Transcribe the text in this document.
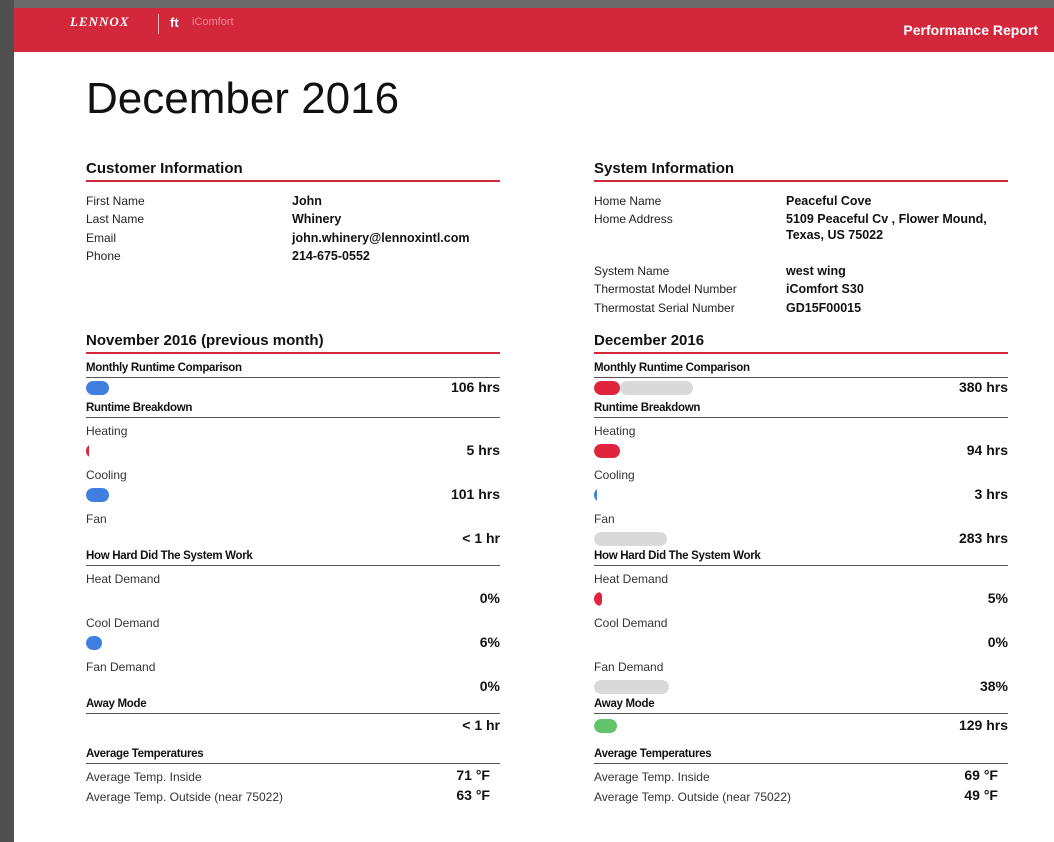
LENNOX	ft iComfort	Performance Report
December 2016
Customer Information
First Name	John
Last Name	Whinery
Email	john.whinery@lennoxintl.com
Phone	214-675-0552
System Information
Home Name	Peaceful Cove
Home Address	5109 Peaceful Cv , Flower Mound, Texas, US 75022
System Name	west wing
Thermostat Model Number	iComfort S30
Thermostat Serial Number	GD15F00015
November 2016 (previous month)
Monthly Runtime Comparison
106 hrs
Runtime Breakdown
Heating
5 hrs
Cooling
101 hrs
Fan
< 1 hr
How Hard Did The System Work
Heat Demand
0%
Cool Demand
6%
Fan Demand
0%
Away Mode
< 1 hr
Average Temperatures
Average Temp. Inside	71 °F
Average Temp. Outside (near 75022)	63 °F
December 2016
Monthly Runtime Comparison
380 hrs
Runtime Breakdown
Heating
94 hrs
Cooling
3 hrs
Fan
283 hrs
How Hard Did The System Work
Heat Demand
5%
Cool Demand
0%
Fan Demand
38%
Away Mode
129 hrs
Average Temperatures
Average Temp. Inside	69 °F
Average Temp. Outside (near 75022)	49 °F
